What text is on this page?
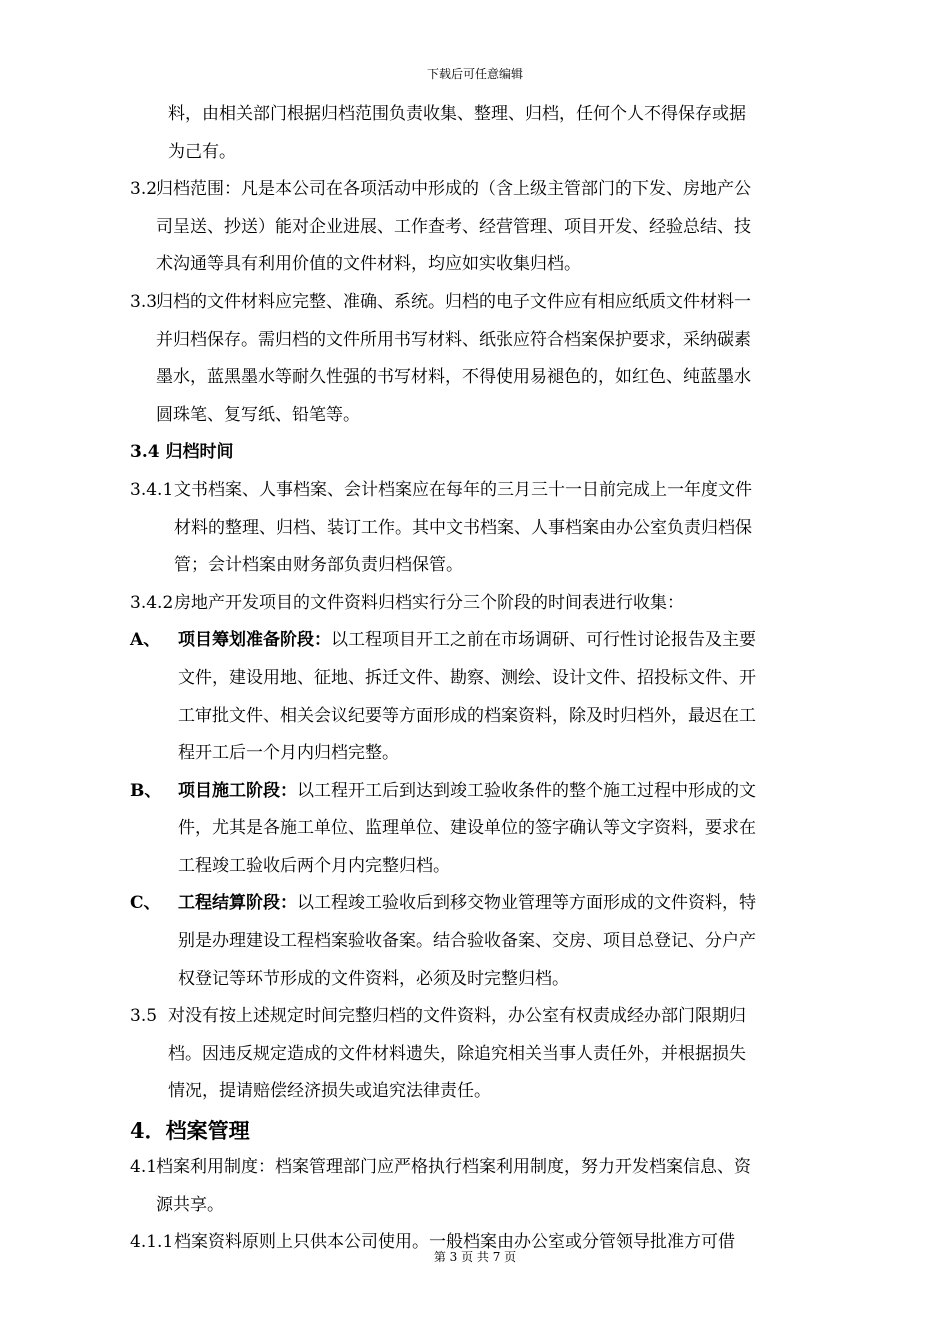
下载后可任意编辑
料，由相关部门根据归档范围负责收集、整理、归档，任何个人不得保存或据
为己有。
3.2
归档范围：凡是本公司在各项活动中形成的（含上级主管部门的下发、房地产公
司呈送、抄送）能对企业进展、工作查考、经营管理、项目开发、经验总结、技
术沟通等具有利用价值的文件材料，均应如实收集归档。
3.3
归档的文件材料应完整、准确、系统。归档的电子文件应有相应纸质文件材料一
并归档保存。需归档的文件所用书写材料、纸张应符合档案保护要求，采纳碳素
墨水，蓝黑墨水等耐久性强的书写材料，不得使用易褪色的，如红色、纯蓝墨水
圆珠笔、复写纸、铅笔等。
3.4 归档时间
3.4.1 文书档案、人事档案、会计档案应在每年的三月三十一日前完成上一年度文件
材料的整理、归档、装订工作。其中文书档案、人事档案由办公室负责归档保
管；会计档案由财务部负责归档保管。
3.4.2 房地产开发项目的文件资料归档实行分三个阶段的时间表进行收集：
A、 项目筹划准备阶段：以工程项目开工之前在市场调研、可行性讨论报告及主要
文件，建设用地、征地、拆迁文件、勘察、测绘、设计文件、招投标文件、开
工审批文件、相关会议纪要等方面形成的档案资料，除及时归档外，最迟在工
程开工后一个月内归档完整。
B、 项目施工阶段：以工程开工后到达到竣工验收条件的整个施工过程中形成的文
件，尤其是各施工单位、监理单位、建设单位的签字确认等文字资料，要求在
工程竣工验收后两个月内完整归档。
C、 工程结算阶段：以工程竣工验收后到移交物业管理等方面形成的文件资料，特
别是办理建设工程档案验收备案。结合验收备案、交房、项目总登记、分户产
权登记等环节形成的文件资料，必须及时完整归档。
3.5 对没有按上述规定时间完整归档的文件资料，办公室有权责成经办部门限期归
档。因违反规定造成的文件材料遗失，除追究相关当事人责任外，并根据损失
情况，提请赔偿经济损失或追究法律责任。
4．档案管理
4.1
档案利用制度：档案管理部门应严格执行档案利用制度，努力开发档案信息、资
源共享。
4.1.1 档案资料原则上只供本公司使用。一般档案由办公室或分管领导批准方可借
第 3 页 共 7 页
